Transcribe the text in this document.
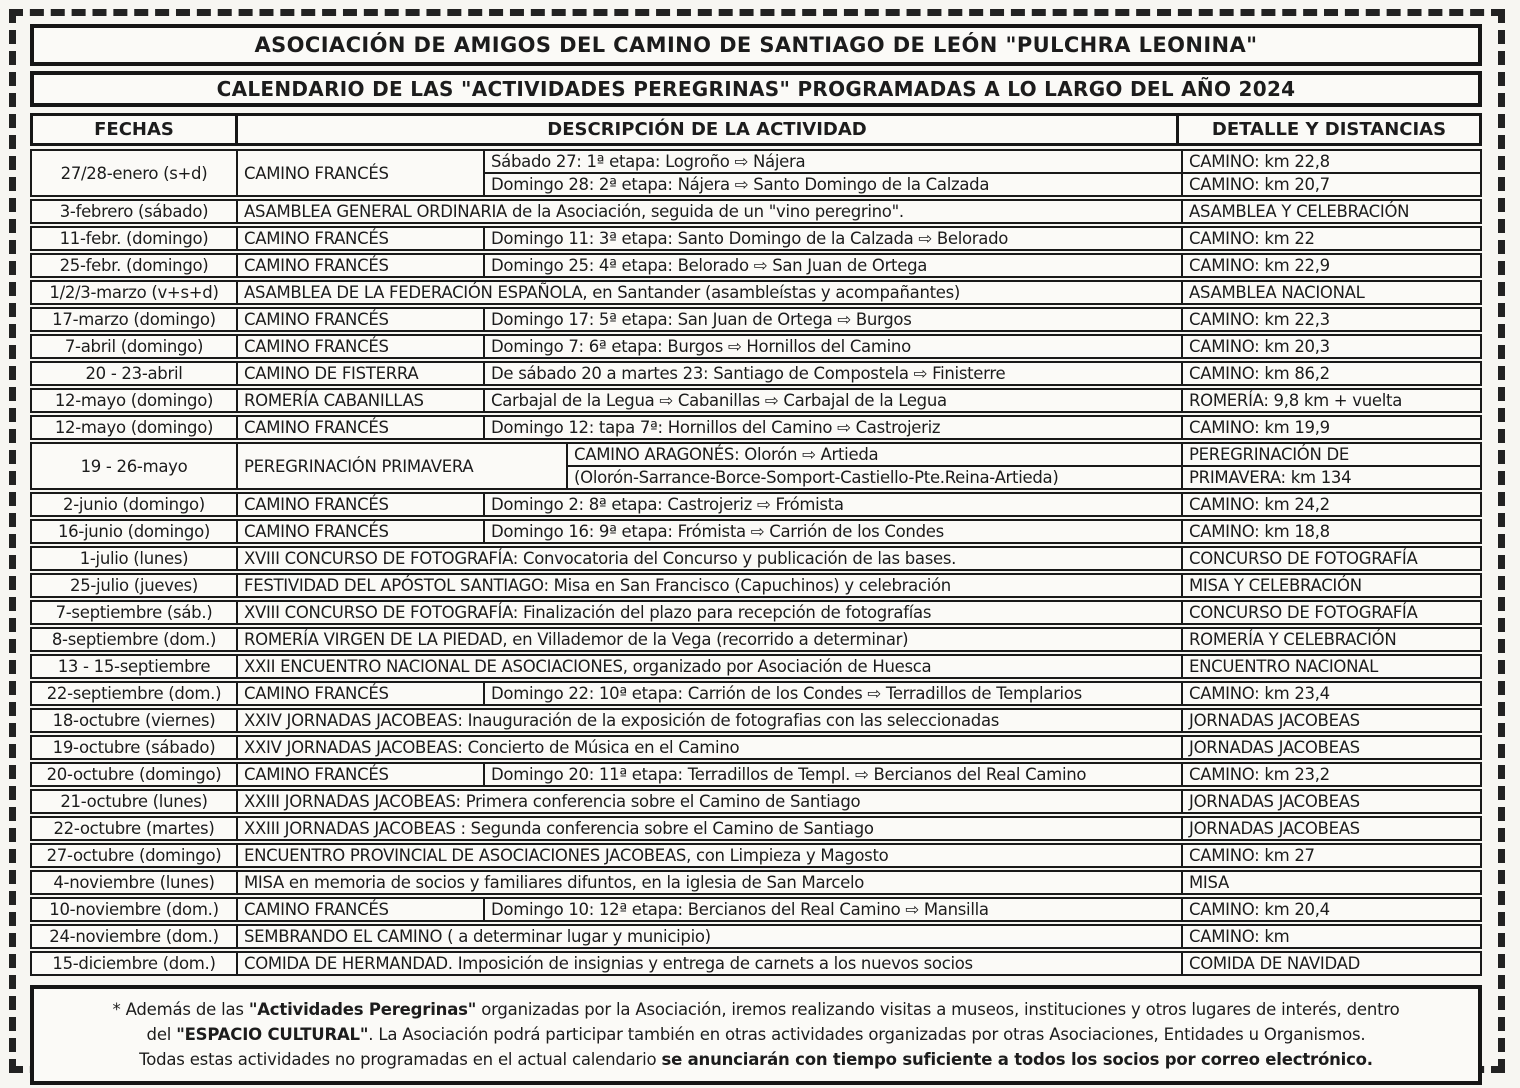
ASOCIACIÓN DE AMIGOS DEL CAMINO DE SANTIAGO DE LEÓN "PULCHRA LEONINA"
CALENDARIO DE LAS "ACTIVIDADES PEREGRINAS" PROGRAMADAS A LO LARGO DEL AÑO 2024
FECHAS	DESCRIPCIÓN DE LA ACTIVIDAD	DETALLE Y DISTANCIAS
27/28-enero (s+d)	CAMINO FRANCÉS
Sábado 27: 1ª etapa: Logroño ⇨ Nájera	CAMINO: km 22,8
Domingo 28: 2ª etapa: Nájera ⇨ Santo Domingo de la Calzada	CAMINO: km 20,7
3-febrero (sábado)	ASAMBLEA GENERAL ORDINARIA de la Asociación, seguida de un "vino peregrino".	ASAMBLEA Y CELEBRACIÓN
11-febr. (domingo)	CAMINO FRANCÉS	Domingo 11: 3ª etapa: Santo Domingo de la Calzada ⇨ Belorado	CAMINO: km 22
25-febr. (domingo)	CAMINO FRANCÉS	Domingo 25: 4ª etapa: Belorado ⇨ San Juan de Ortega	CAMINO: km 22,9
1/2/3-marzo (v+s+d)	ASAMBLEA DE LA FEDERACIÓN ESPAÑOLA, en Santander (asambleístas y acompañantes)	ASAMBLEA NACIONAL
17-marzo (domingo)	CAMINO FRANCÉS	Domingo 17: 5ª etapa: San Juan de Ortega ⇨ Burgos	CAMINO: km 22,3
7-abril (domingo)	CAMINO FRANCÉS	Domingo 7: 6ª etapa: Burgos ⇨ Hornillos del Camino	CAMINO: km 20,3
20 - 23-abril	CAMINO DE FISTERRA	De sábado 20 a martes 23: Santiago de Compostela ⇨ Finisterre	CAMINO: km 86,2
12-mayo (domingo)	ROMERÍA CABANILLAS	Carbajal de la Legua ⇨ Cabanillas ⇨ Carbajal de la Legua	ROMERÍA: 9,8 km + vuelta
12-mayo (domingo)	CAMINO FRANCÉS	Domingo 12: tapa 7ª: Hornillos del Camino ⇨ Castrojeriz	CAMINO: km 19,9
19 - 26-mayo	PEREGRINACIÓN PRIMAVERA
CAMINO ARAGONÉS: Olorón ⇨ Artieda	PEREGRINACIÓN DE
(Olorón-Sarrance-Borce-Somport-Castiello-Pte.Reina-Artieda)	PRIMAVERA: km 134
2-junio (domingo)	CAMINO FRANCÉS	Domingo 2: 8ª etapa: Castrojeriz ⇨ Frómista	CAMINO: km 24,2
16-junio (domingo)	CAMINO FRANCÉS	Domingo 16: 9ª etapa: Frómista ⇨ Carrión de los Condes	CAMINO: km 18,8
1-julio (lunes)	XVIII CONCURSO DE FOTOGRAFÍA: Convocatoria del Concurso y publicación de las bases.	CONCURSO DE FOTOGRAFÍA
25-julio (jueves)	FESTIVIDAD DEL APÓSTOL SANTIAGO: Misa en San Francisco (Capuchinos) y celebración	MISA Y CELEBRACIÓN
7-septiembre (sáb.)	XVIII CONCURSO DE FOTOGRAFÍA: Finalización del plazo para recepción de fotografías	CONCURSO DE FOTOGRAFÍA
8-septiembre (dom.)	ROMERÍA VIRGEN DE LA PIEDAD, en Villademor de la Vega (recorrido a determinar)	ROMERÍA Y CELEBRACIÓN
13 - 15-septiembre	XXII ENCUENTRO NACIONAL DE ASOCIACIONES, organizado por Asociación de Huesca	ENCUENTRO NACIONAL
22-septiembre (dom.)	CAMINO FRANCÉS	Domingo 22: 10ª etapa: Carrión de los Condes ⇨ Terradillos de Templarios	CAMINO: km 23,4
18-octubre (viernes)	XXIV JORNADAS JACOBEAS: Inauguración de la exposición de fotografias con las seleccionadas	JORNADAS JACOBEAS
19-octubre (sábado)	XXIV JORNADAS JACOBEAS: Concierto de Música en el Camino	JORNADAS JACOBEAS
20-octubre (domingo)	CAMINO FRANCÉS	Domingo 20: 11ª etapa: Terradillos de Templ. ⇨ Bercianos del Real Camino	CAMINO: km 23,2
21-octubre (lunes)	XXIII JORNADAS JACOBEAS: Primera conferencia sobre el Camino de Santiago	JORNADAS JACOBEAS
22-octubre (martes)	XXIII JORNADAS JACOBEAS : Segunda conferencia sobre el Camino de Santiago	JORNADAS JACOBEAS
27-octubre (domingo)	ENCUENTRO PROVINCIAL DE ASOCIACIONES JACOBEAS, con Limpieza y Magosto	CAMINO: km 27
4-noviembre (lunes)	MISA en memoria de socios y familiares difuntos, en la iglesia de San Marcelo	MISA
10-noviembre (dom.)	CAMINO FRANCÉS	Domingo 10: 12ª etapa: Bercianos del Real Camino ⇨ Mansilla	CAMINO: km 20,4
24-noviembre (dom.)	SEMBRANDO EL CAMINO ( a determinar lugar y municipio)	CAMINO: km
15-diciembre (dom.)	COMIDA DE HERMANDAD. Imposición de insignias y entrega de carnets a los nuevos socios	COMIDA DE NAVIDAD
* Además de las "Actividades Peregrinas" organizadas por la Asociación, iremos realizando visitas a museos, instituciones y otros lugares de interés, dentro
del "ESPACIO CULTURAL". La Asociación podrá participar también en otras actividades organizadas por otras Asociaciones, Entidades u Organismos.
Todas estas actividades no programadas en el actual calendario se anunciarán con tiempo suficiente a todos los socios por correo electrónico.
